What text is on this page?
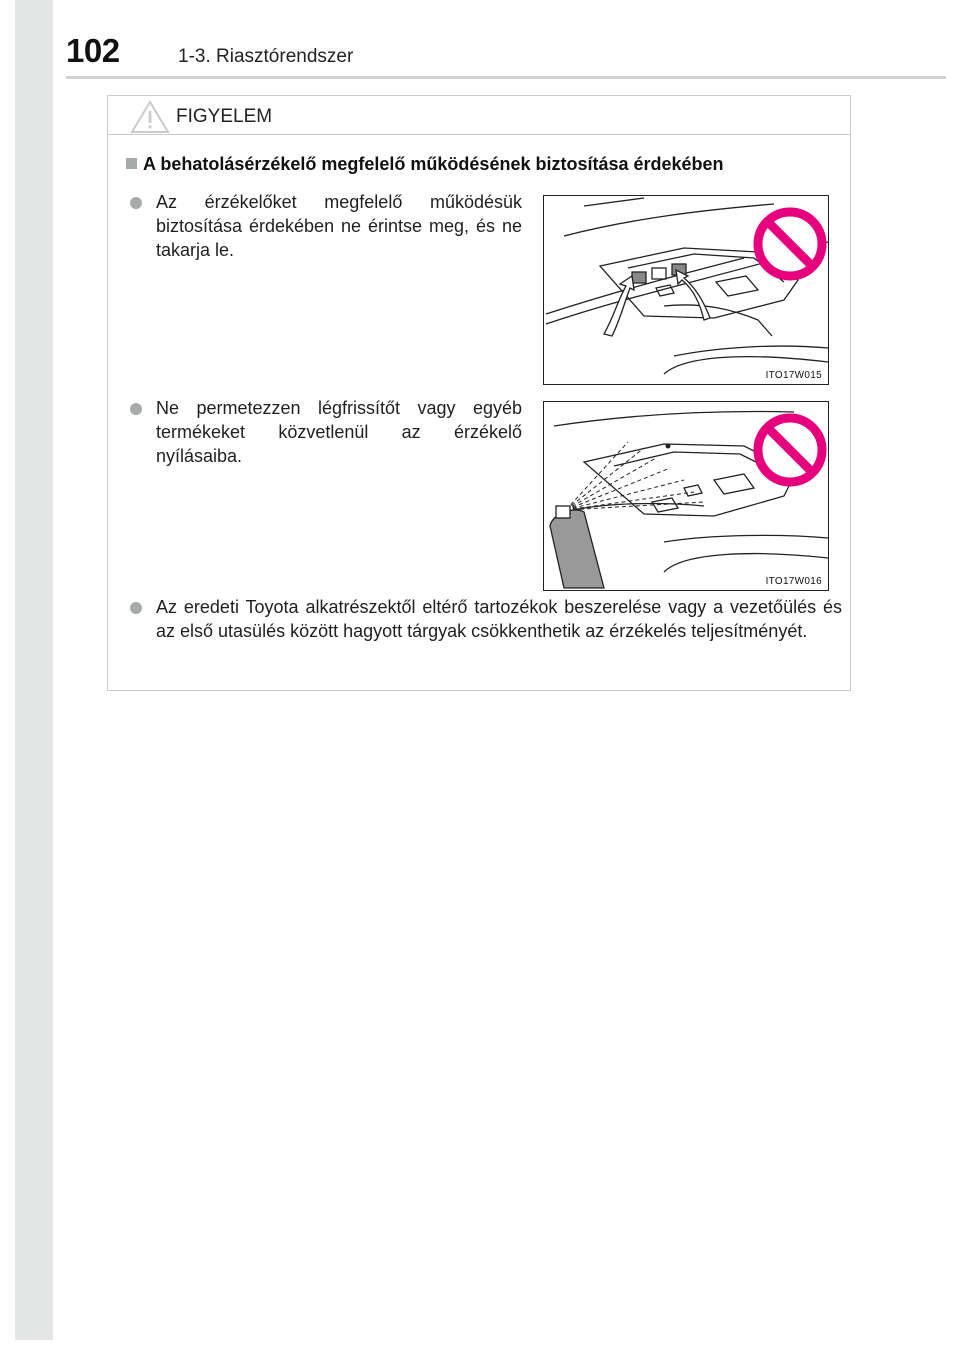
102	1-3. Riasztórendszer
FIGYELEM
A behatolásérzékelő megfelelő működésének biztosítása érdekében
Az érzékelőket megfelelő működésük biztosítása érdekében ne érintse meg, és ne takarja le.
ITO17W015
Ne permetezzen légfrissítőt vagy egyéb termékeket közvetlenül az érzékelő nyílásaiba.
ITO17W016
Az eredeti Toyota alkatrészektől eltérő tartozékok beszerelése vagy a vezetőülés és az első utasülés között hagyott tárgyak csökkenthetik az érzékelés teljesítményét.
